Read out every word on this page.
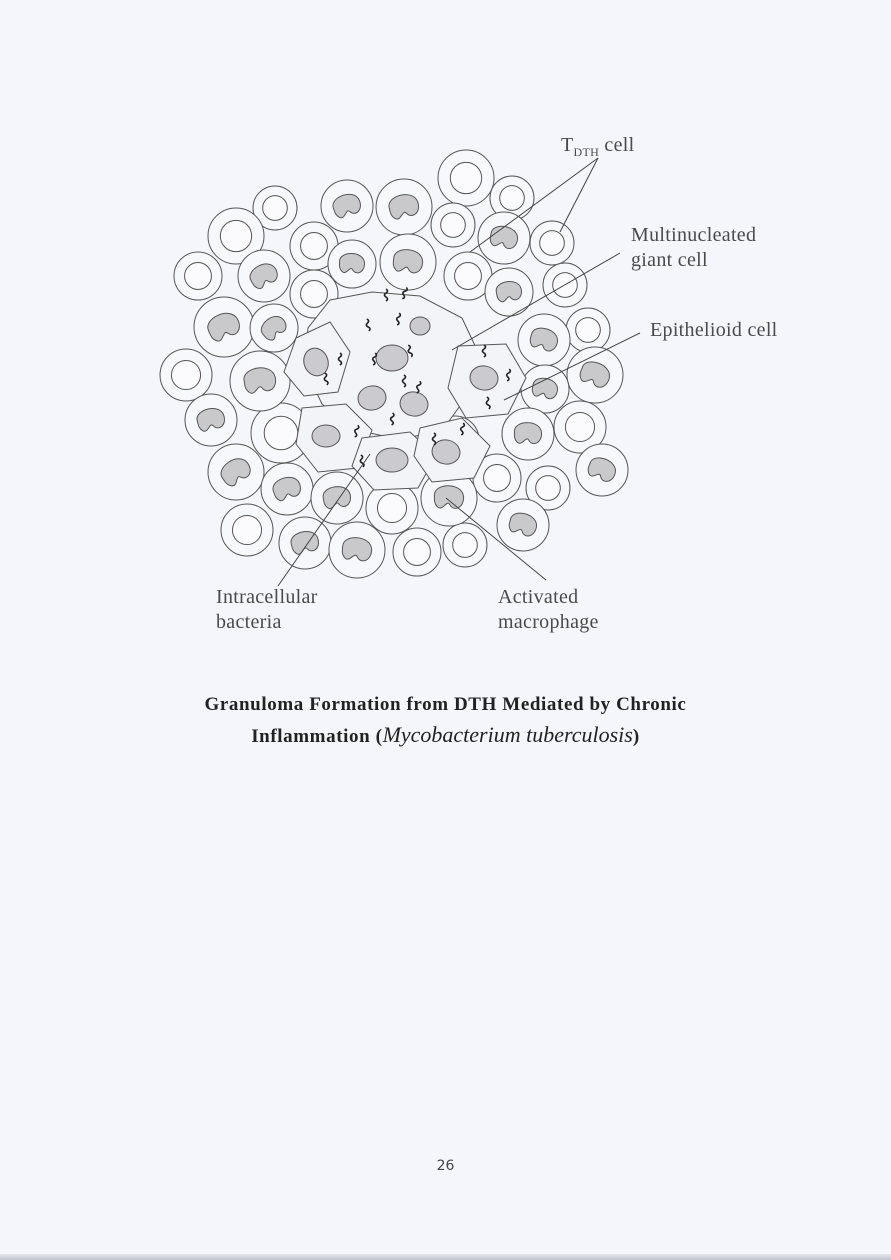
$T_{DTH}$ cell
Multinucleated
giant cell
Epithelioid cell
Intracellular
bacteria
Activated
macrophage
Granuloma Formation from DTH Mediated by Chronic
Inflammation (Mycobacterium tuberculosis)
26
